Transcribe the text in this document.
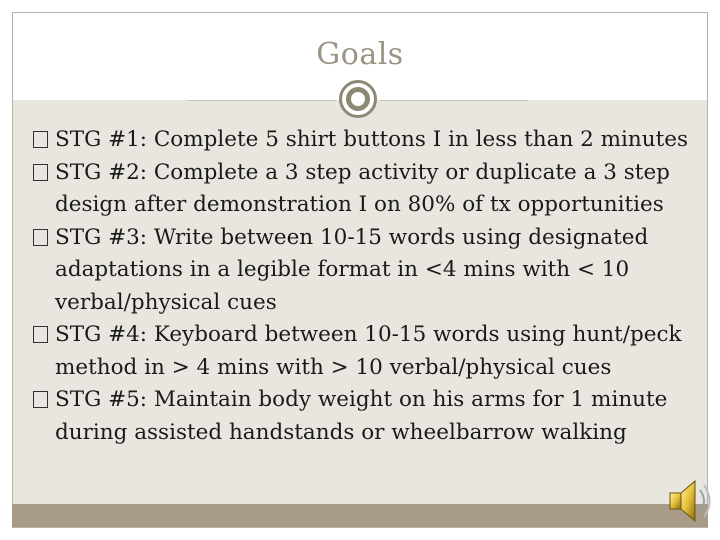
Goals
STG #1: Complete 5 shirt buttons I in less than 2 minutes
STG #2: Complete a 3 step activity or duplicate a 3 step design after demonstration I on 80% of tx opportunities
STG #3: Write between 10-15 words using designated adaptations in a legible format in <4 mins with < 10 verbal/physical cues
STG #4: Keyboard between 10-15 words using hunt/peck method in > 4 mins with > 10 verbal/physical cues
STG #5: Maintain body weight on his arms for 1 minute during assisted handstands or wheelbarrow walking
